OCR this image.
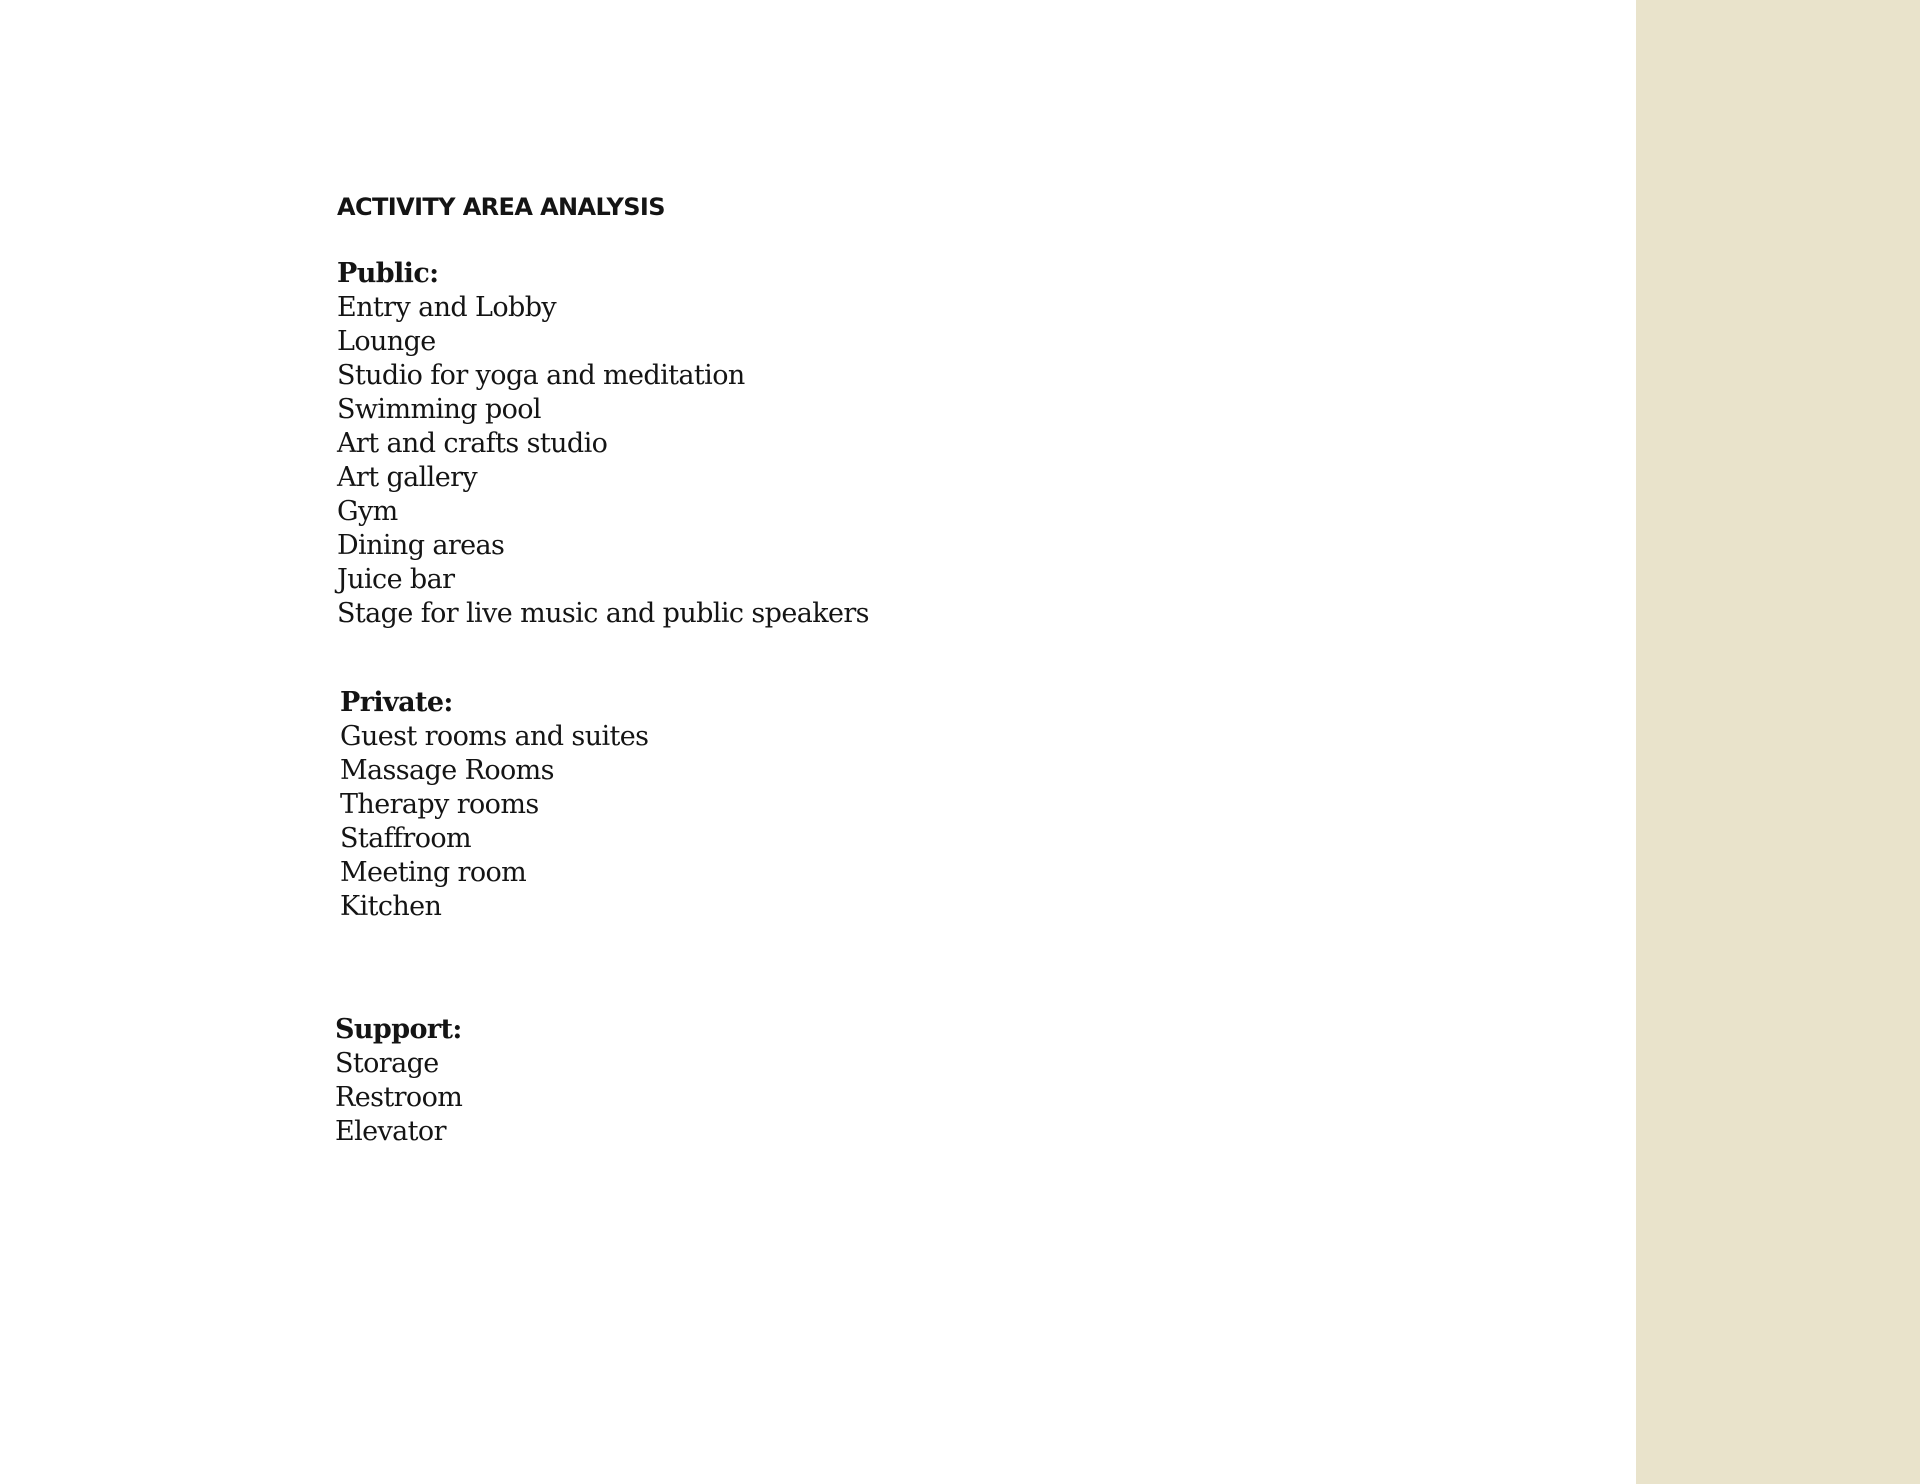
ACTIVITY AREA ANALYSIS
Public:
Entry and Lobby
Lounge
Studio for yoga and meditation
Swimming pool
Art and crafts studio
Art gallery
Gym
Dining areas
Juice bar
Stage for live music and public speakers
Private:
Guest rooms and suites
Massage Rooms
Therapy rooms
Staffroom
Meeting room
Kitchen
Support:
Storage
Restroom
Elevator
